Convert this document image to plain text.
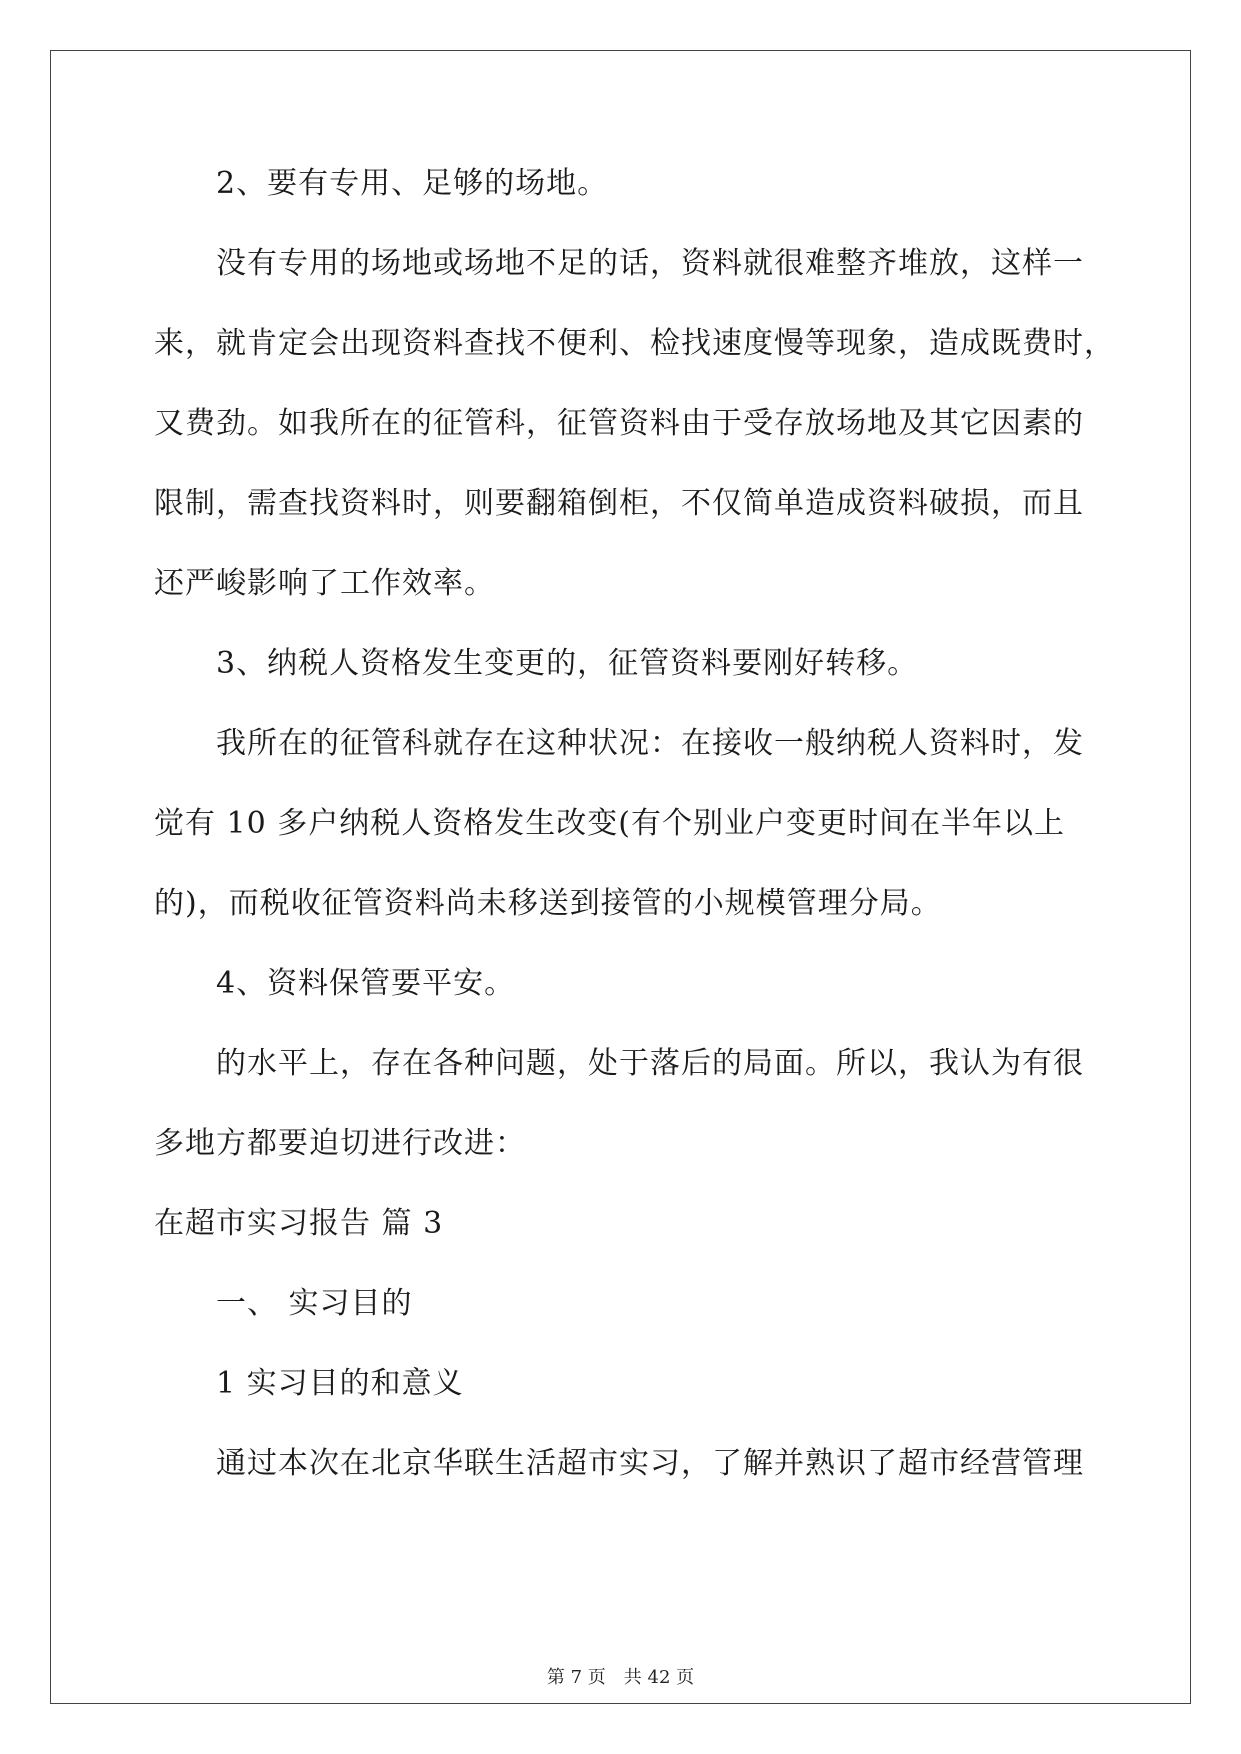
2、要有专用、足够的场地。
没有专用的场地或场地不足的话，资料就很难整齐堆放，这样一
来，就肯定会出现资料查找不便利、检找速度慢等现象，造成既费时，
又费劲。如我所在的征管科，征管资料由于受存放场地及其它因素的
限制，需查找资料时，则要翻箱倒柜，不仅简单造成资料破损，而且
还严峻影响了工作效率。
3、纳税人资格发生变更的，征管资料要刚好转移。
我所在的征管科就存在这种状况：在接收一般纳税人资料时，发
觉有 10 多户纳税人资格发生改变(有个别业户变更时间在半年以上
的)，而税收征管资料尚未移送到接管的小规模管理分局。
4、资料保管要平安。
的水平上，存在各种问题，处于落后的局面。所以，我认为有很
多地方都要迫切进行改进：
在超市实习报告 篇 3
一、 实习目的
1 实习目的和意义
通过本次在北京华联生活超市实习，了解并熟识了超市经营管理
第 7 页　共 42 页
